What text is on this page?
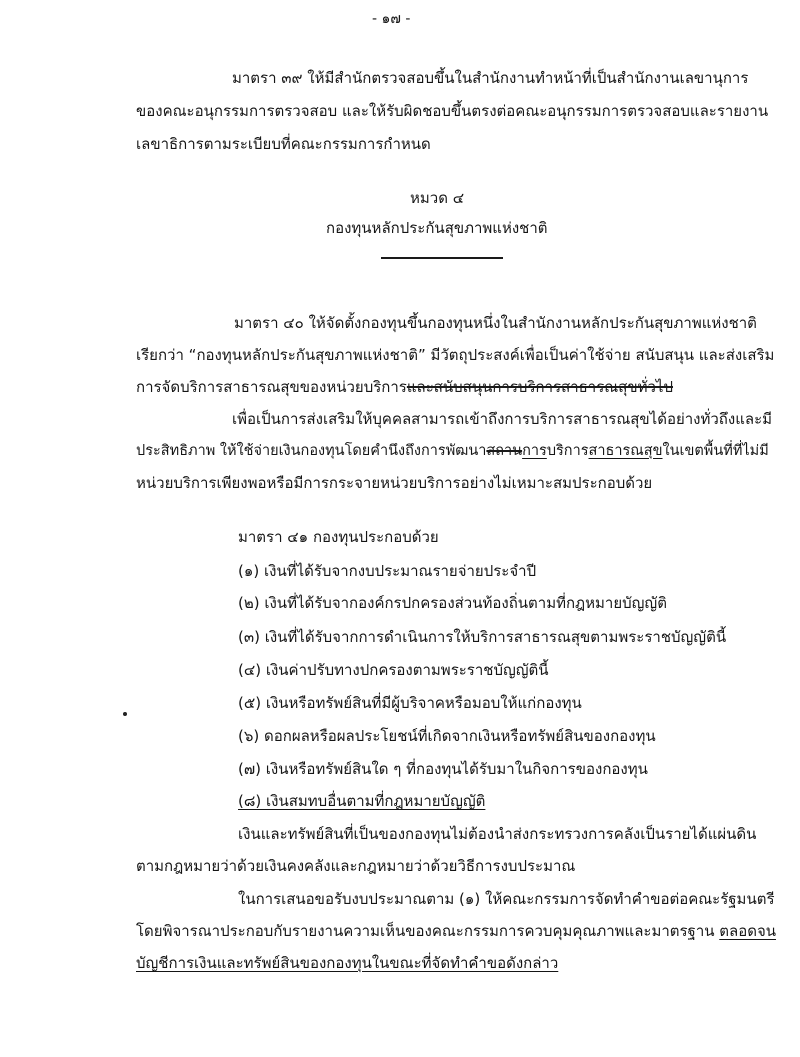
- ๑๗ -
มาตรา ๓๙ ให้มีสำนักตรวจสอบขึ้นในสำนักงานทำหน้าที่เป็นสำนักงานเลขานุการ
ของคณะอนุกรรมการตรวจสอบ และให้รับผิดชอบขึ้นตรงต่อคณะอนุกรรมการตรวจสอบและรายงาน
เลขาธิการตามระเบียบที่คณะกรรมการกำหนด
หมวด ๔
กองทุนหลักประกันสุขภาพแห่งชาติ
มาตรา ๔๐ ให้จัดตั้งกองทุนขึ้นกองทุนหนึ่งในสำนักงานหลักประกันสุขภาพแห่งชาติ
เรียกว่า “กองทุนหลักประกันสุขภาพแห่งชาติ” มีวัตถุประสงค์เพื่อเป็นค่าใช้จ่าย สนับสนุน และส่งเสริม
การจัดบริการสาธารณสุขของหน่วยบริการและสนับสนุนการบริการสาธารณสุขทั่วไป
เพื่อเป็นการส่งเสริมให้บุคคลสามารถเข้าถึงการบริการสาธารณสุขได้อย่างทั่วถึงและมี
ประสิทธิภาพ ให้ใช้จ่ายเงินกองทุนโดยคำนึงถึงการพัฒนาสถานการบริการสาธารณสุขในเขตพื้นที่ที่ไม่มี
หน่วยบริการเพียงพอหรือมีการกระจายหน่วยบริการอย่างไม่เหมาะสมประกอบด้วย
มาตรา ๔๑ กองทุนประกอบด้วย
(๑) เงินที่ได้รับจากงบประมาณรายจ่ายประจำปี
(๒) เงินที่ได้รับจากองค์กรปกครองส่วนท้องถิ่นตามที่กฎหมายบัญญัติ
(๓) เงินที่ได้รับจากการดำเนินการให้บริการสาธารณสุขตามพระราชบัญญัตินี้
(๔) เงินค่าปรับทางปกครองตามพระราชบัญญัตินี้
(๕) เงินหรือทรัพย์สินที่มีผู้บริจาคหรือมอบให้แก่กองทุน
(๖) ดอกผลหรือผลประโยชน์ที่เกิดจากเงินหรือทรัพย์สินของกองทุน
(๗) เงินหรือทรัพย์สินใด ๆ ที่กองทุนได้รับมาในกิจการของกองทุน
(๘) เงินสมทบอื่นตามที่กฎหมายบัญญัติ
เงินและทรัพย์สินที่เป็นของกองทุนไม่ต้องนำส่งกระทรวงการคลังเป็นรายได้แผ่นดิน
ตามกฎหมายว่าด้วยเงินคงคลังและกฎหมายว่าด้วยวิธีการงบประมาณ
ในการเสนอขอรับงบประมาณตาม (๑) ให้คณะกรรมการจัดทำคำขอต่อคณะรัฐมนตรี
โดยพิจารณาประกอบกับรายงานความเห็นของคณะกรรมการควบคุมคุณภาพและมาตรฐาน ตลอดจน
บัญชีการเงินและทรัพย์สินของกองทุนในขณะที่จัดทำคำขอดังกล่าว
